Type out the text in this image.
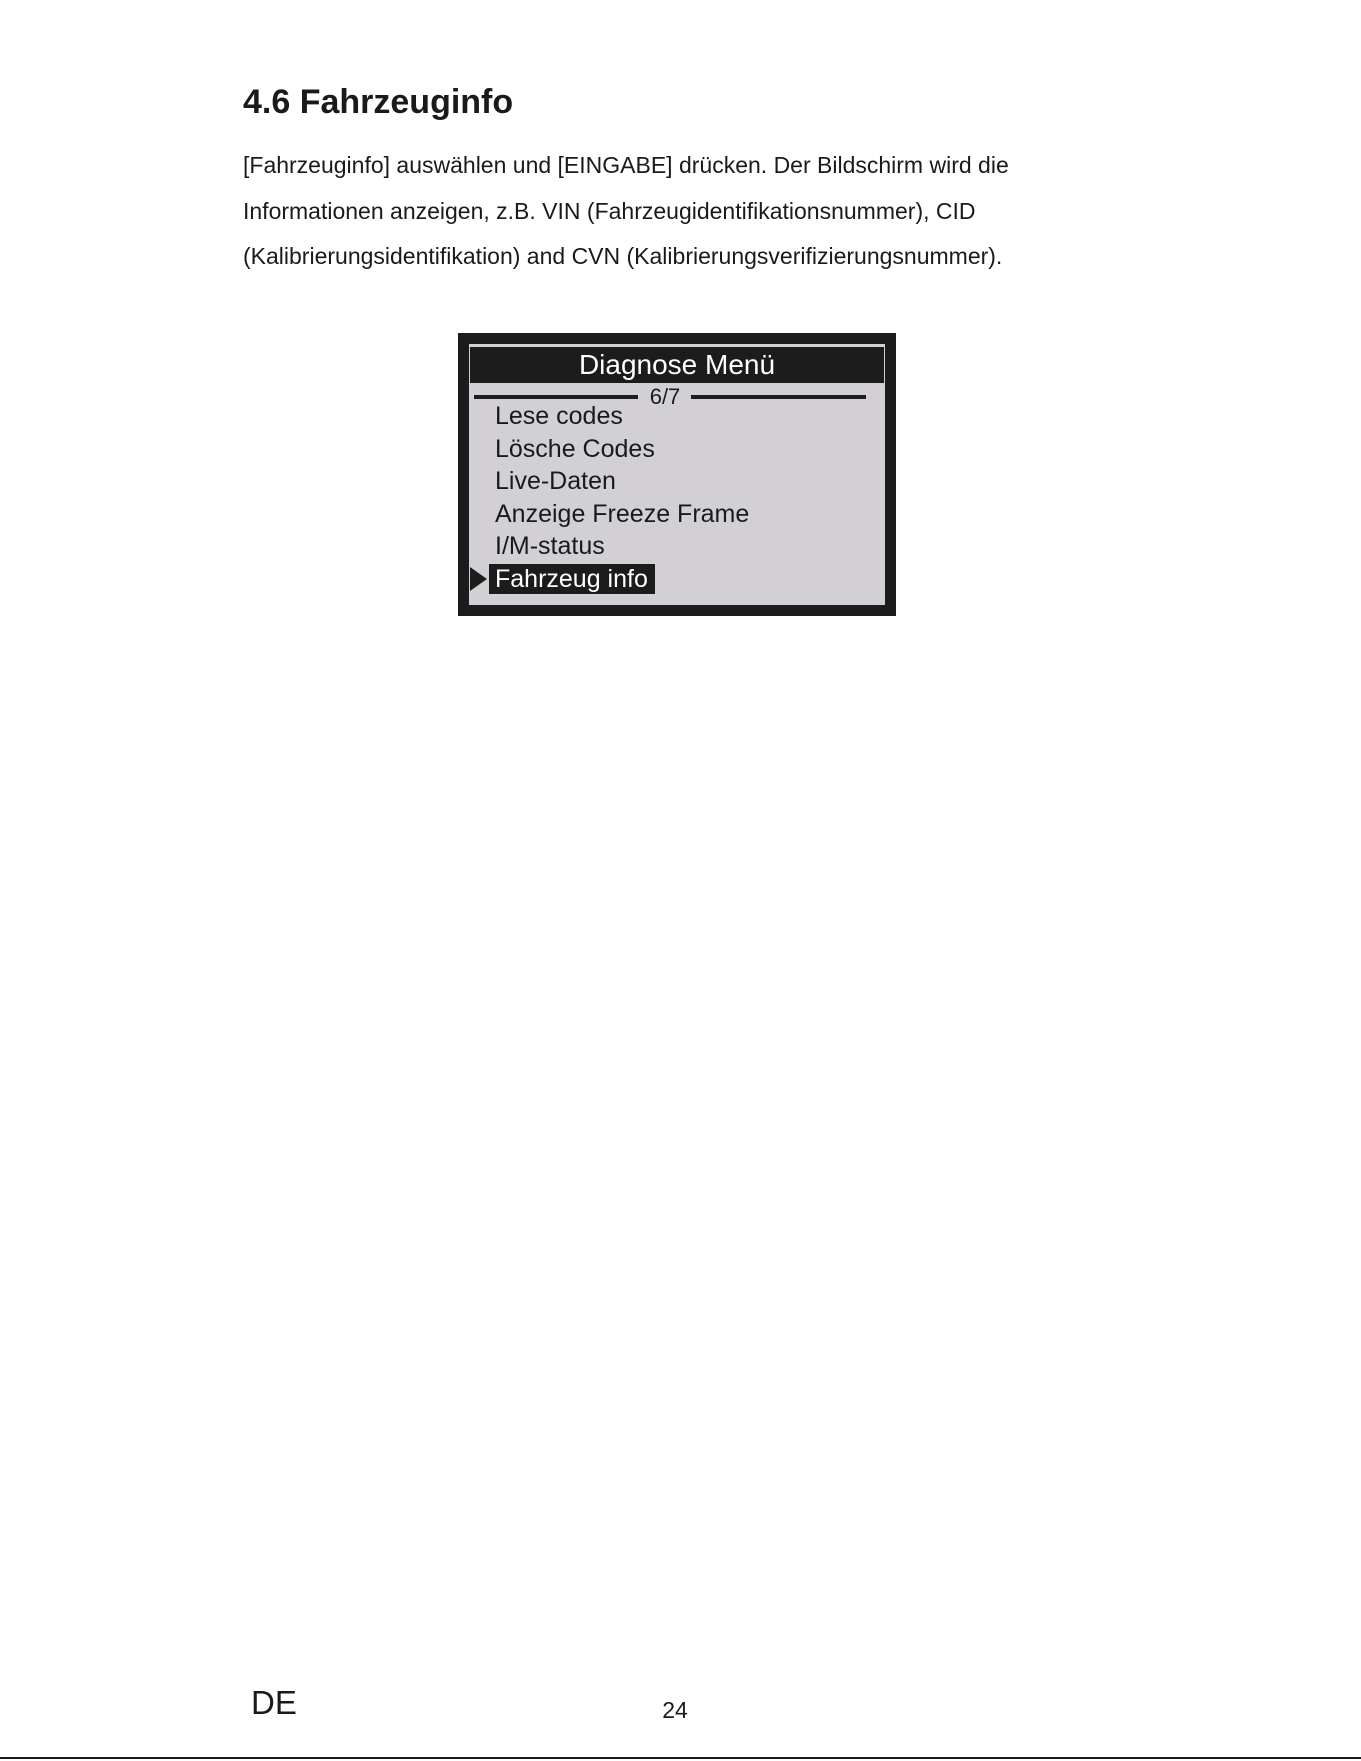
4.6 Fahrzeuginfo

[Fahrzeuginfo] auswählen und [EINGABE] drücken. Der Bildschirm wird die
Informationen anzeigen, z.B. VIN (Fahrzeugidentifikationsnummer), CID
(Kalibrierungsidentifikation) and CVN (Kalibrierungsverifizierungsnummer).

Diagnose Menü
6/7
Lese codes
Lösche Codes
Live-Daten
Anzeige Freeze Frame
I/M-status
Fahrzeug info
DE	24
